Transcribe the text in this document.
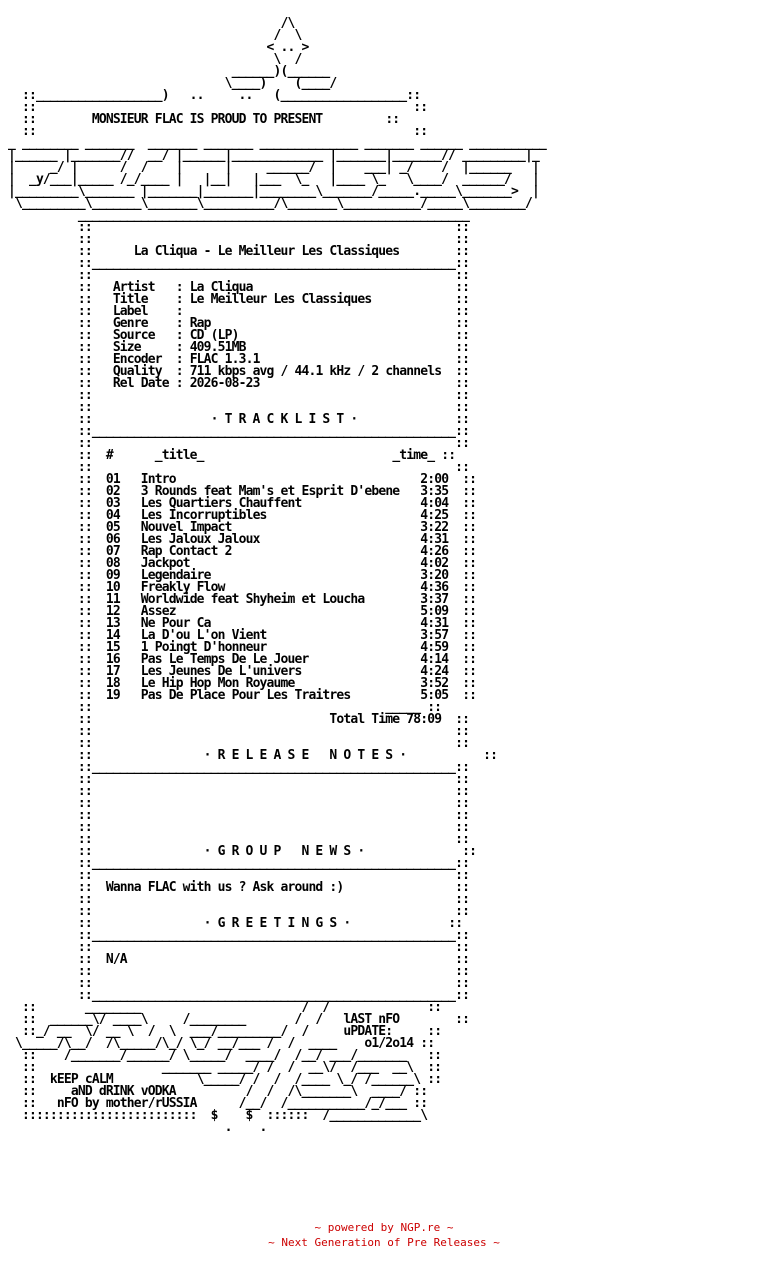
/\
/  \
< .. >
\  /
______)(______
\____)    (____/
::__________________)   ..     ..   (__________________::
::                                                      ::
::	MONSIEUR FLAC IS PROUD TO PRESENT	::
::                                                      ::
_ ________ _______  _______ _______ ______________ _______ ______ ___________
|______ |_______//  __/ |______|_____________ |_______|_______// _________|_
|     _/ |      /  /    |      |     ______/  |    ___| _/    /  |______   |
|  _y/___|_____ /_/____ |   |__|   |___  \_   |____ \_   \____/  ______/   |
|_________\_______ |_______|_______|________\_______/_____._____\_______>  |
\_________\_______\_______\__________/\_______\___________/_____\________/
________________________________________________________
::                                                    ::
::                                                    ::
::	La Cliqua - Le Meilleur Les Classiques	::
::____________________________________________________::
::                                                    ::
::   Artist   : La Cliqua	::
::   Title    : Le Meilleur Les Classiques	::
::   Label    :	::
::   Genre    : Rap	::
::   Source   : CD (LP)	::
::   Size     : 409.51MB	::
::   Encoder  : FLAC 1.3.1	::
::   Quality  : 711 kbps avg / 44.1 kHz / 2 channels  ::
::   Rel Date : 2026-08-23	::
::                                                    ::
::                                                    ::
::	· T R A C K L I S T ·	::
::____________________________________________________::
::                                                    ::
:: #	_title_	_time_ ::
::                                                    ::
::  01 Intro	2:00  ::
::  02 3 Rounds feat Mam's et Esprit D'ebene 3:35  ::
::  03 Les Quartiers Chauffent	4:04  ::
::  04 Les Incorruptibles	4:25  ::
::  05 Nouvel Impact	3:22  ::
::  06 Les Jaloux Jaloux	4:31  ::
::  07 Rap Contact 2	4:26  ::
::  08 Jackpot	4:02  ::
::  09 Legendaire	3:20  ::
::  10 Freakly Flow	4:36  ::
::  11 Worldwide feat Shyheim et Loucha	3:37  ::
::  12 Assez	5:09  ::
::  13 Ne Pour Ca	4:31  ::
::  14 La D'ou L'on Vient	3:57  ::
::  15 1 Poingt D'honneur	4:59  ::
::  16 Pas Le Temps De Le Jouer	4:14  ::
::  17 Les Jeunes De L'univers	4:24  ::
::  18 Le Hip Hop Mon Royaume	3:52  ::
::  19 Pas De Place Pour Les Traitres	5:05  ::
::                                          _____ ::
::	Total Time 78:09 ::
::                                                    ::
::                                                    ::
::	· R E L E A S E   N O T E S ·	::
::____________________________________________________::
::                                                    ::
::                                                    ::
::                                                    ::
::                                                    ::
::                                                    ::
::                                                    ::
::	· G R O U P   N E W S ·	::
::____________________________________________________::
::                                                    ::
:: Wanna FLAC with us ? Ask around :)	::
::                                                    ::
::                                                    ::
::	· G R E E T I N G S ·	::
::____________________________________________________::
::                                                    ::
:: N/A	::
::                                                    ::
::                                                    ::
::____________________________________________________::
::       ________                       /  /              ::
::  ______\/ ____\     /________       /  /   lAST nFO	::
::_/ __  \/ __ \  /  \  ___/_________/  /	uPDATE:	::
\_____/\__/  /\_____/\_/ \_/ __/___ /  /  ____    o1/2o14 ::
::    /_______/______/ \_____/  ____/  /__/ ___/_______   ::
::                  _______ _____/ /  /  __\/  /___  __\  ::
::  kEEP cALM	\_____/ /  /  /____ \_/ /______\ ::
::	aND dRINK vODKA	/  /  /\_______\  ____/ ::
::   nFO by mother/rUSSIA	/__/  /___________/_/___ ::
:::::::::::::::::::::::::  $    $  ::::::  /_____________\
.    .

~ powered by NGP.re ~
~ Next Generation of Pre Releases ~
